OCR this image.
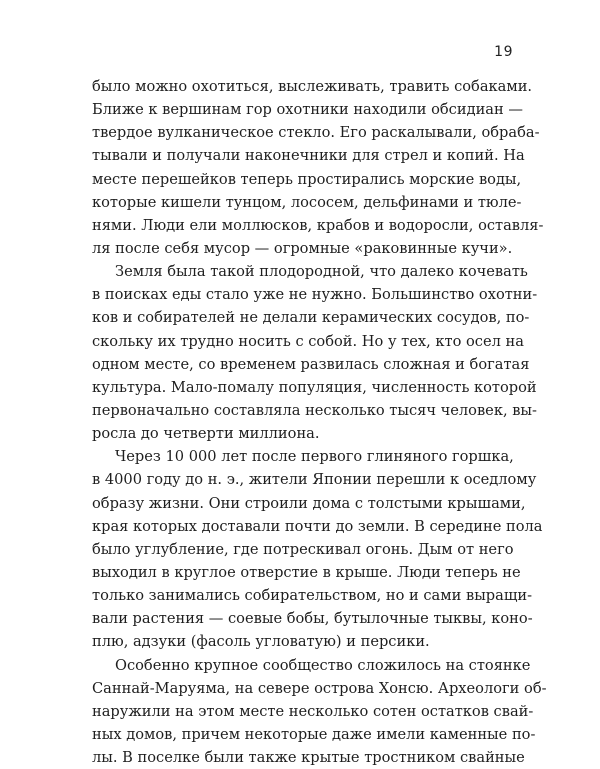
19
было можно охотиться, выслеживать, травить собаками.
Ближе к вершинам гор охотники находили обсидиан —
твердое вулканическое стекло. Его раскалывали, обраба-
тывали и получали наконечники для стрел и копий. На
месте перешейков теперь простирались морские воды,
которые кишели тунцом, лососем, дельфинами и тюле-
нями. Люди ели моллюсков, крабов и водоросли, оставля-
ля после себя мусор — огромные «раковинные кучи».
Земля была такой плодородной, что далеко кочевать
в поисках еды стало уже не нужно. Большинство охотни-
ков и собирателей не делали керамических сосудов, по-
скольку их трудно носить с собой. Но у тех, кто осел на
одном месте, со временем развилась сложная и богатая
культура. Мало-помалу популяция, численность которой
первоначально составляла несколько тысяч человек, вы-
росла до четверти миллиона.
Через 10 000 лет после первого глиняного горшка,
в 4000 году до н. э., жители Японии перешли к оседлому
образу жизни. Они строили дома с толстыми крышами,
края которых доставали почти до земли. В середине пола
было углубление, где потрескивал огонь. Дым от него
выходил в круглое отверстие в крыше. Люди теперь не
только занимались собирательством, но и сами выращи-
вали растения — соевые бобы, бутылочные тыквы, коно-
плю, адзуки (фасоль угловатую) и персики.
Особенно крупное сообщество сложилось на стоянке
Саннай-Маруяма, на севере острова Хонсю. Археологи об-
наружили на этом месте несколько сотен остатков свай-
ных домов, причем некоторые даже имели каменные по-
лы. В поселке были также крытые тростником свайные
